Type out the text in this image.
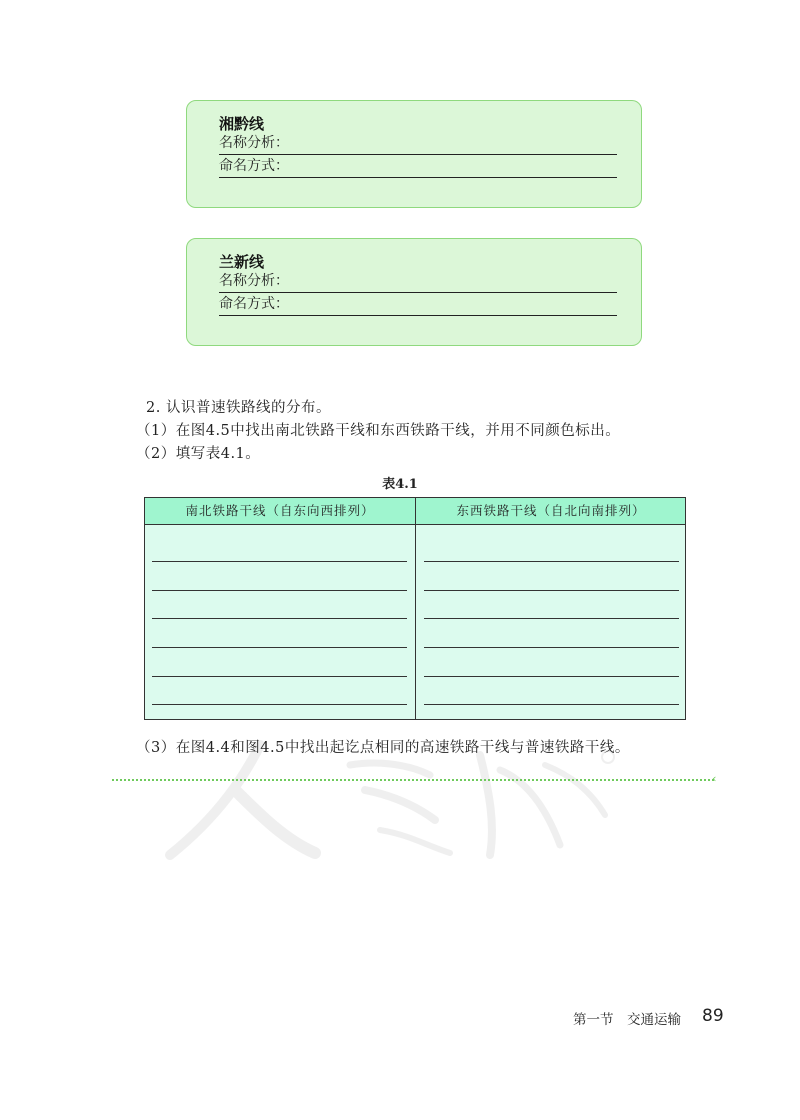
湘黔线
名称分析：
命名方式：
兰新线
名称分析：
命名方式：
2. 认识普速铁路线的分布。
（1）在图4.5中找出南北铁路干线和东西铁路干线，并用不同颜色标出。
（2）填写表4.1。
表4.1
南北铁路干线（自东向西排列）	东西铁路干线（自北向南排列）
（3）在图4.4和图4.5中找出起讫点相同的高速铁路干线与普速铁路干线。
‹
第一节　交通运输 89
